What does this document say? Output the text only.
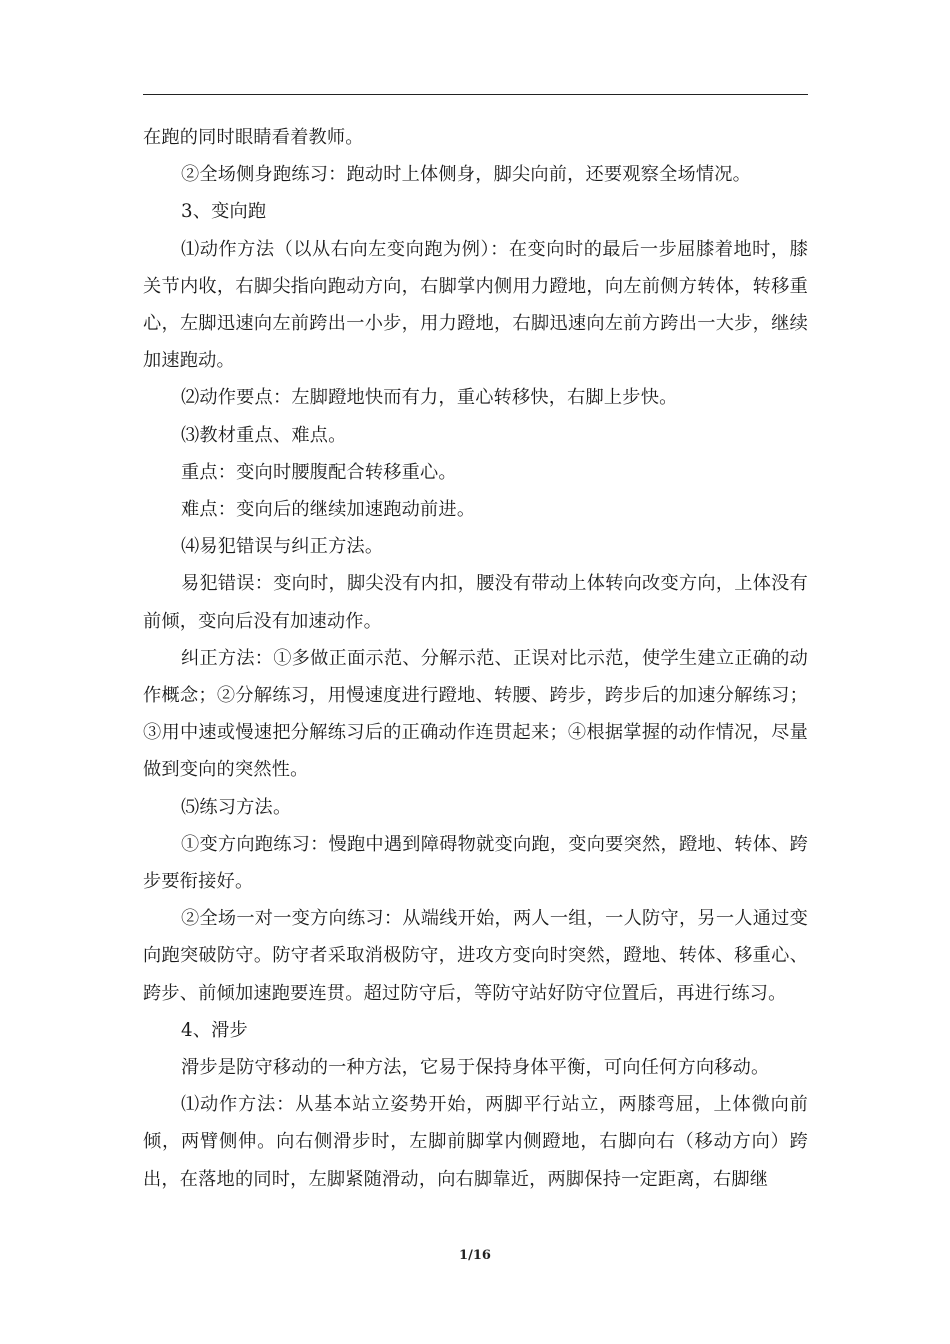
在跑的同时眼睛看着教师。

②全场侧身跑练习：跑动时上体侧身，脚尖向前，还要观察全场情况。

3、变向跑

⑴动作方法（以从右向左变向跑为例）：在变向时的最后一步屈膝着地时，膝关节内收，右脚尖指向跑动方向，右脚掌内侧用力蹬地，向左前侧方转体，转移重心，左脚迅速向左前跨出一小步，用力蹬地，右脚迅速向左前方跨出一大步，继续加速跑动。

⑵动作要点：左脚蹬地快而有力，重心转移快，右脚上步快。

⑶教材重点、难点。

重点：变向时腰腹配合转移重心。

难点：变向后的继续加速跑动前进。

⑷易犯错误与纠正方法。

易犯错误：变向时，脚尖没有内扣，腰没有带动上体转向改变方向，上体没有前倾，变向后没有加速动作。

纠正方法：①多做正面示范、分解示范、正误对比示范，使学生建立正确的动作概念；②分解练习，用慢速度进行蹬地、转腰、跨步，跨步后的加速分解练习；③用中速或慢速把分解练习后的正确动作连贯起来；④根据掌握的动作情况，尽量做到变向的突然性。

⑸练习方法。

①变方向跑练习：慢跑中遇到障碍物就变向跑，变向要突然，蹬地、转体、跨步要衔接好。

②全场一对一变方向练习：从端线开始，两人一组，一人防守，另一人通过变向跑突破防守。防守者采取消极防守，进攻方变向时突然，蹬地、转体、移重心、跨步、前倾加速跑要连贯。超过防守后，等防守站好防守位置后，再进行练习。

4、滑步

滑步是防守移动的一种方法，它易于保持身体平衡，可向任何方向移动。

⑴动作方法：从基本站立姿势开始，两脚平行站立，两膝弯屈，上体微向前倾，两臂侧伸。向右侧滑步时，左脚前脚掌内侧蹬地，右脚向右（移动方向）跨出，在落地的同时，左脚紧随滑动，向右脚靠近，两脚保持一定距离，右脚继

1/16
